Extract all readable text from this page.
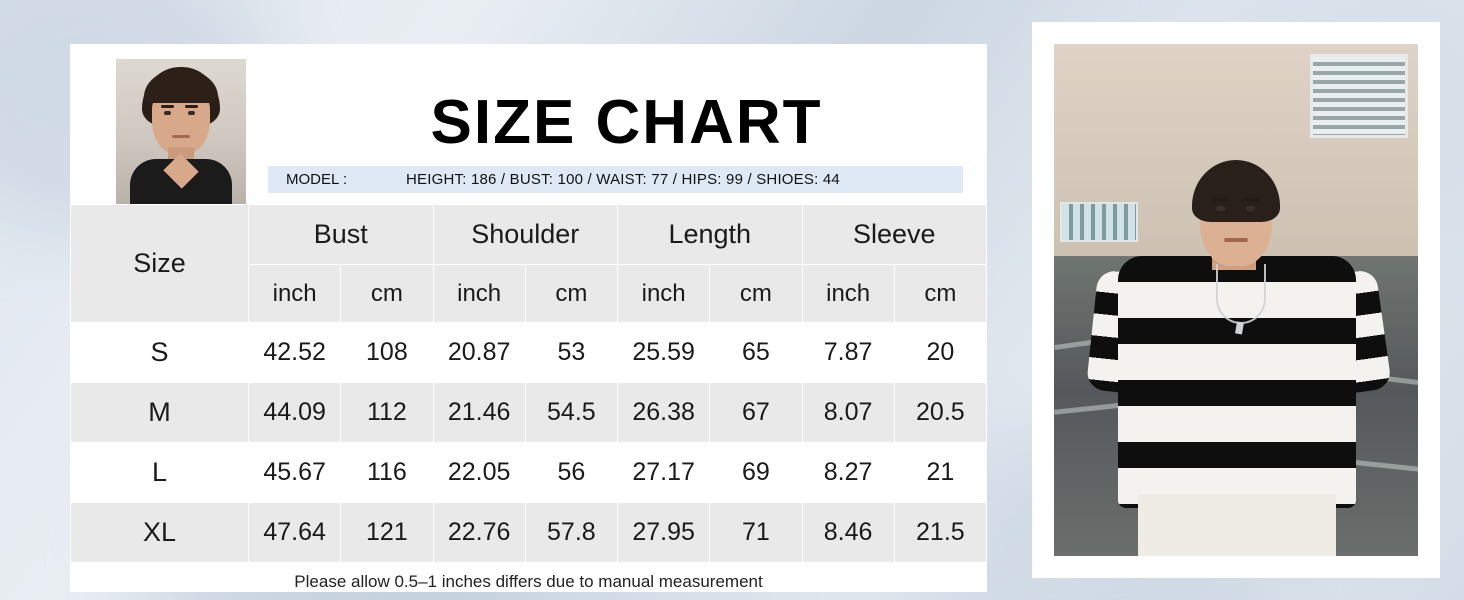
SIZE CHART
MODEL :	HEIGHT: 186 / BUST: 100 / WAIST: 77 / HIPS: 99 / SHIOES: 44
Size	Bust		Shoulder		Length		Sleeve	
	inch	cm	inch	cm	inch	cm	inch	cm
S	42.52	108	20.87	53	25.59	65	7.87	20
M	44.09	112	21.46	54.5	26.38	67	8.07	20.5
L	45.67	116	22.05	56	27.17	69	8.27	21
XL	47.64	121	22.76	57.8	27.95	71	8.46	21.5
Please allow 0.5–1 inches differs due to manual measurement
